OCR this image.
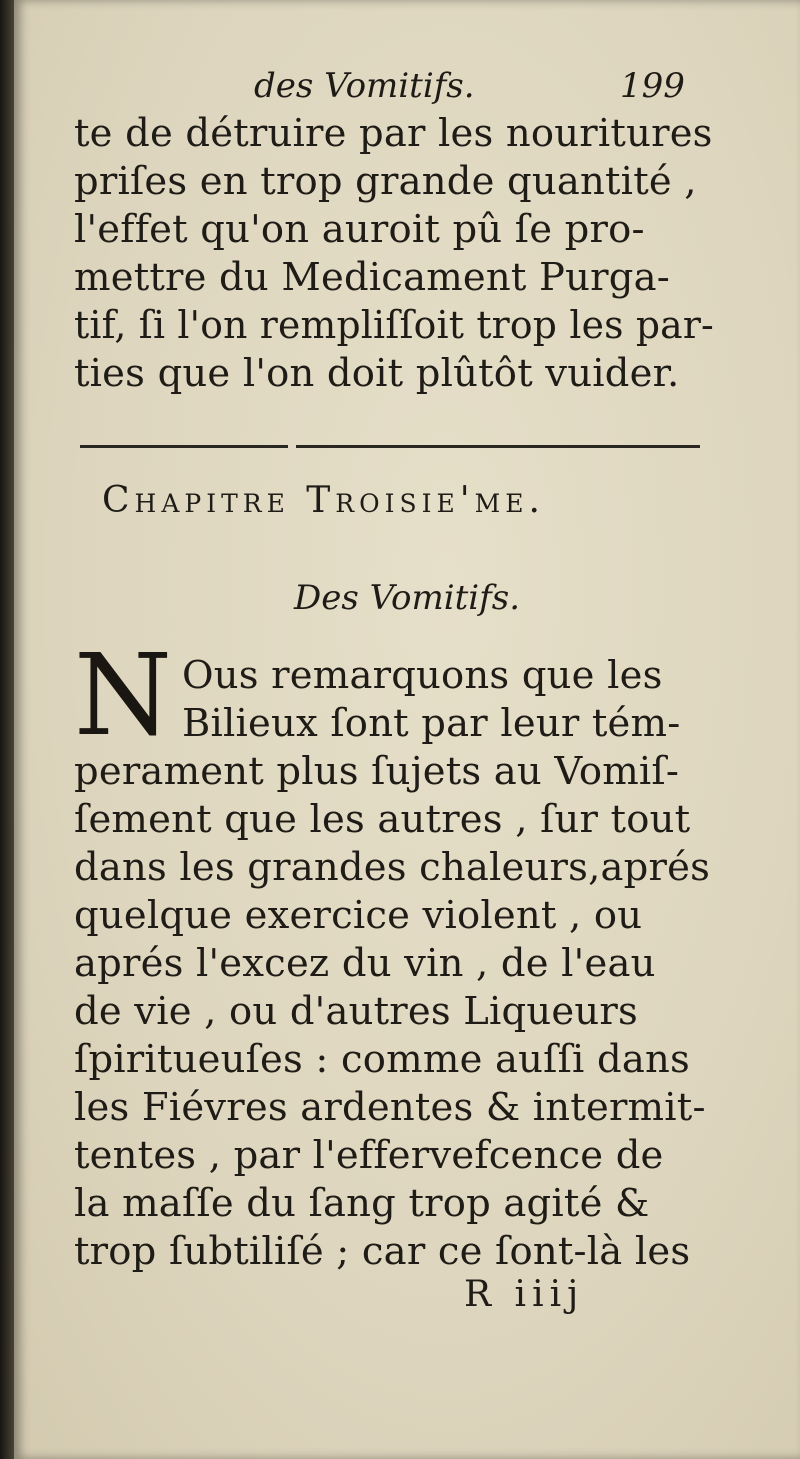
des Vomitifs.	199
te de détruire par les nouritures
priſes en trop grande quantité ,
l'effet qu'on auroit pû ſe pro-
mettre du Medicament Purga-
tif, ſi l'on rempliſſoit trop les par-
ties que l'on doit plûtôt vuider.
Chapitre Troisie'me.
Des Vomitifs.
N Ous remarquons que les
Bilieux ſont par leur tém-
perament plus ſujets au Vomiſ-
ſement que les autres , ſur tout
dans les grandes chaleurs,aprés
quelque exercice violent , ou
aprés l'excez du vin , de l'eau
de vie , ou d'autres Liqueurs
ſpiritueuſes : comme auſſi dans
les Fiévres ardentes & intermit-
tentes , par l'effervefcence de
la maſſe du ſang trop agité &
trop ſubtiliſé ; car ce ſont-là les
R iiij
